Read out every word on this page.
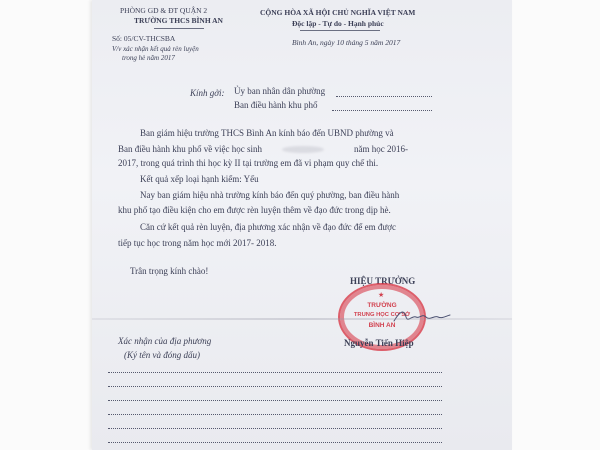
PHÒNG GD & ĐT QUẬN 2
TRƯỜNG THCS BÌNH AN
Số: 05/CV-THCSBA
V/v xác nhận kết quả rèn luyện
trong hè năm 2017
CỘNG HÒA XÃ HỘI CHỦ NGHĨA VIỆT NAM
Độc lập - Tự do - Hạnh phúc
Bình An, ngày 10 tháng 5 năm 2017
Kính gởi: Ủy ban nhân dân phường
Ban điều hành khu phố
Ban giám hiệu trường THCS Bình An kính báo đến UBND phường và
Ban điều hành khu phố về việc học sinh	năm học 2016-
2017, trong quá trình thi học kỳ II tại trường em đã vi phạm quy chế thi.
Kết quả xếp loại hạnh kiểm: Yếu
Nay ban giám hiệu nhà trường kính báo đến quý phường, ban điều hành
khu phố tạo điều kiện cho em được rèn luyện thêm về đạo đức trong dịp hè.
Căn cứ kết quả rèn luyện, địa phương xác nhận về đạo đức để em được
tiếp tục học trong năm học mới 2017- 2018.
Trân trọng kính chào!
HIỆU TRƯỞNG
★
TRƯỜNG
TRUNG HỌC CƠ SỞ
BÌNH AN
Nguyễn Tiến Hiệp
Xác nhận của địa phương
(Ký tên và đóng dấu)
